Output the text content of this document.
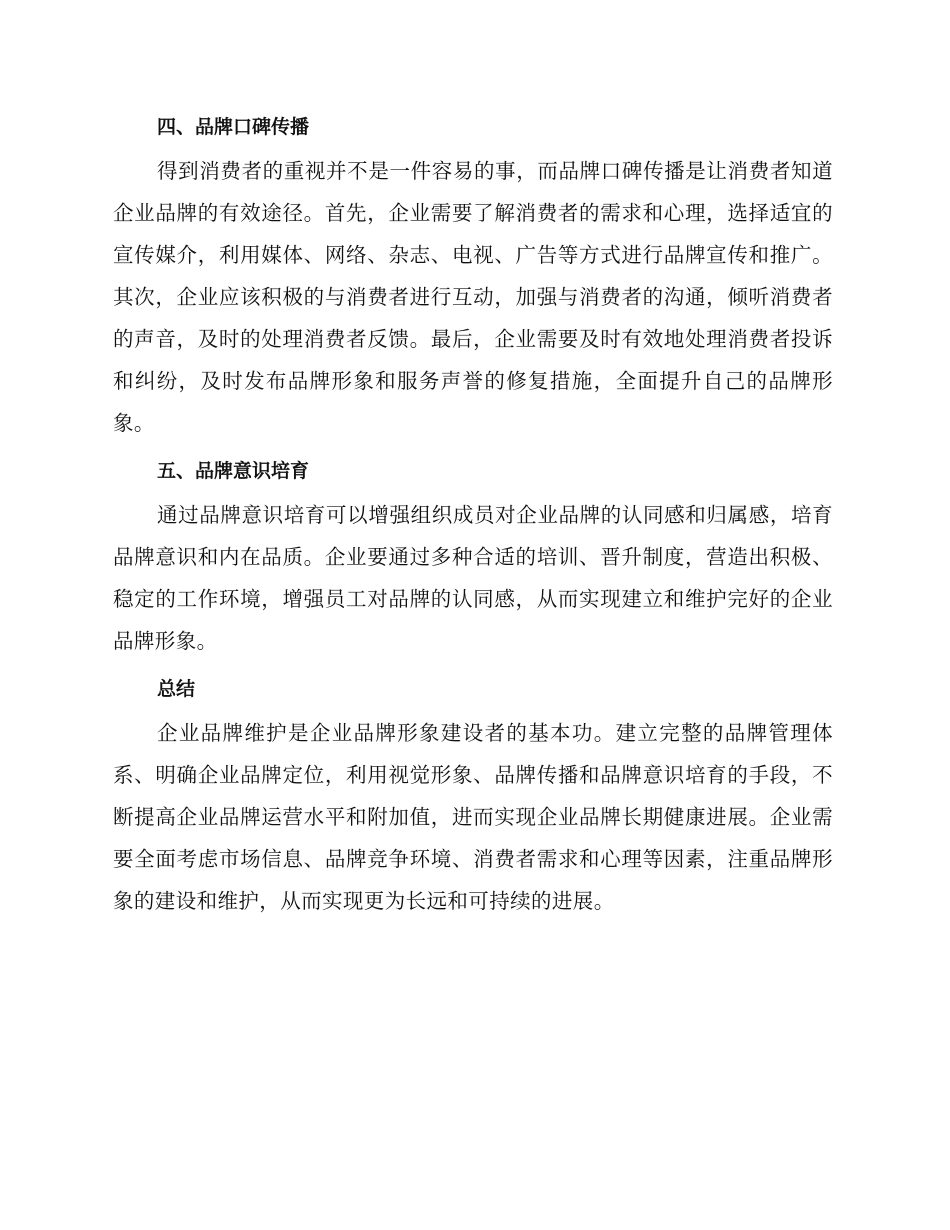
四、品牌口碑传播

得到消费者的重视并不是一件容易的事，而品牌口碑传播是让消费者知道企业品牌的有效途径。首先，企业需要了解消费者的需求和心理，选择适宜的宣传媒介，利用媒体、网络、杂志、电视、广告等方式进行品牌宣传和推广。其次，企业应该积极的与消费者进行互动，加强与消费者的沟通，倾听消费者的声音，及时的处理消费者反馈。最后，企业需要及时有效地处理消费者投诉和纠纷，及时发布品牌形象和服务声誉的修复措施，全面提升自己的品牌形象。

五、品牌意识培育

通过品牌意识培育可以增强组织成员对企业品牌的认同感和归属感，培育品牌意识和内在品质。企业要通过多种合适的培训、晋升制度，营造出积极、稳定的工作环境，增强员工对品牌的认同感，从而实现建立和维护完好的企业品牌形象。

总结

企业品牌维护是企业品牌形象建设者的基本功。建立完整的品牌管理体系、明确企业品牌定位，利用视觉形象、品牌传播和品牌意识培育的手段，不断提高企业品牌运营水平和附加值，进而实现企业品牌长期健康进展。企业需要全面考虑市场信息、品牌竞争环境、消费者需求和心理等因素，注重品牌形象的建设和维护，从而实现更为长远和可持续的进展。
